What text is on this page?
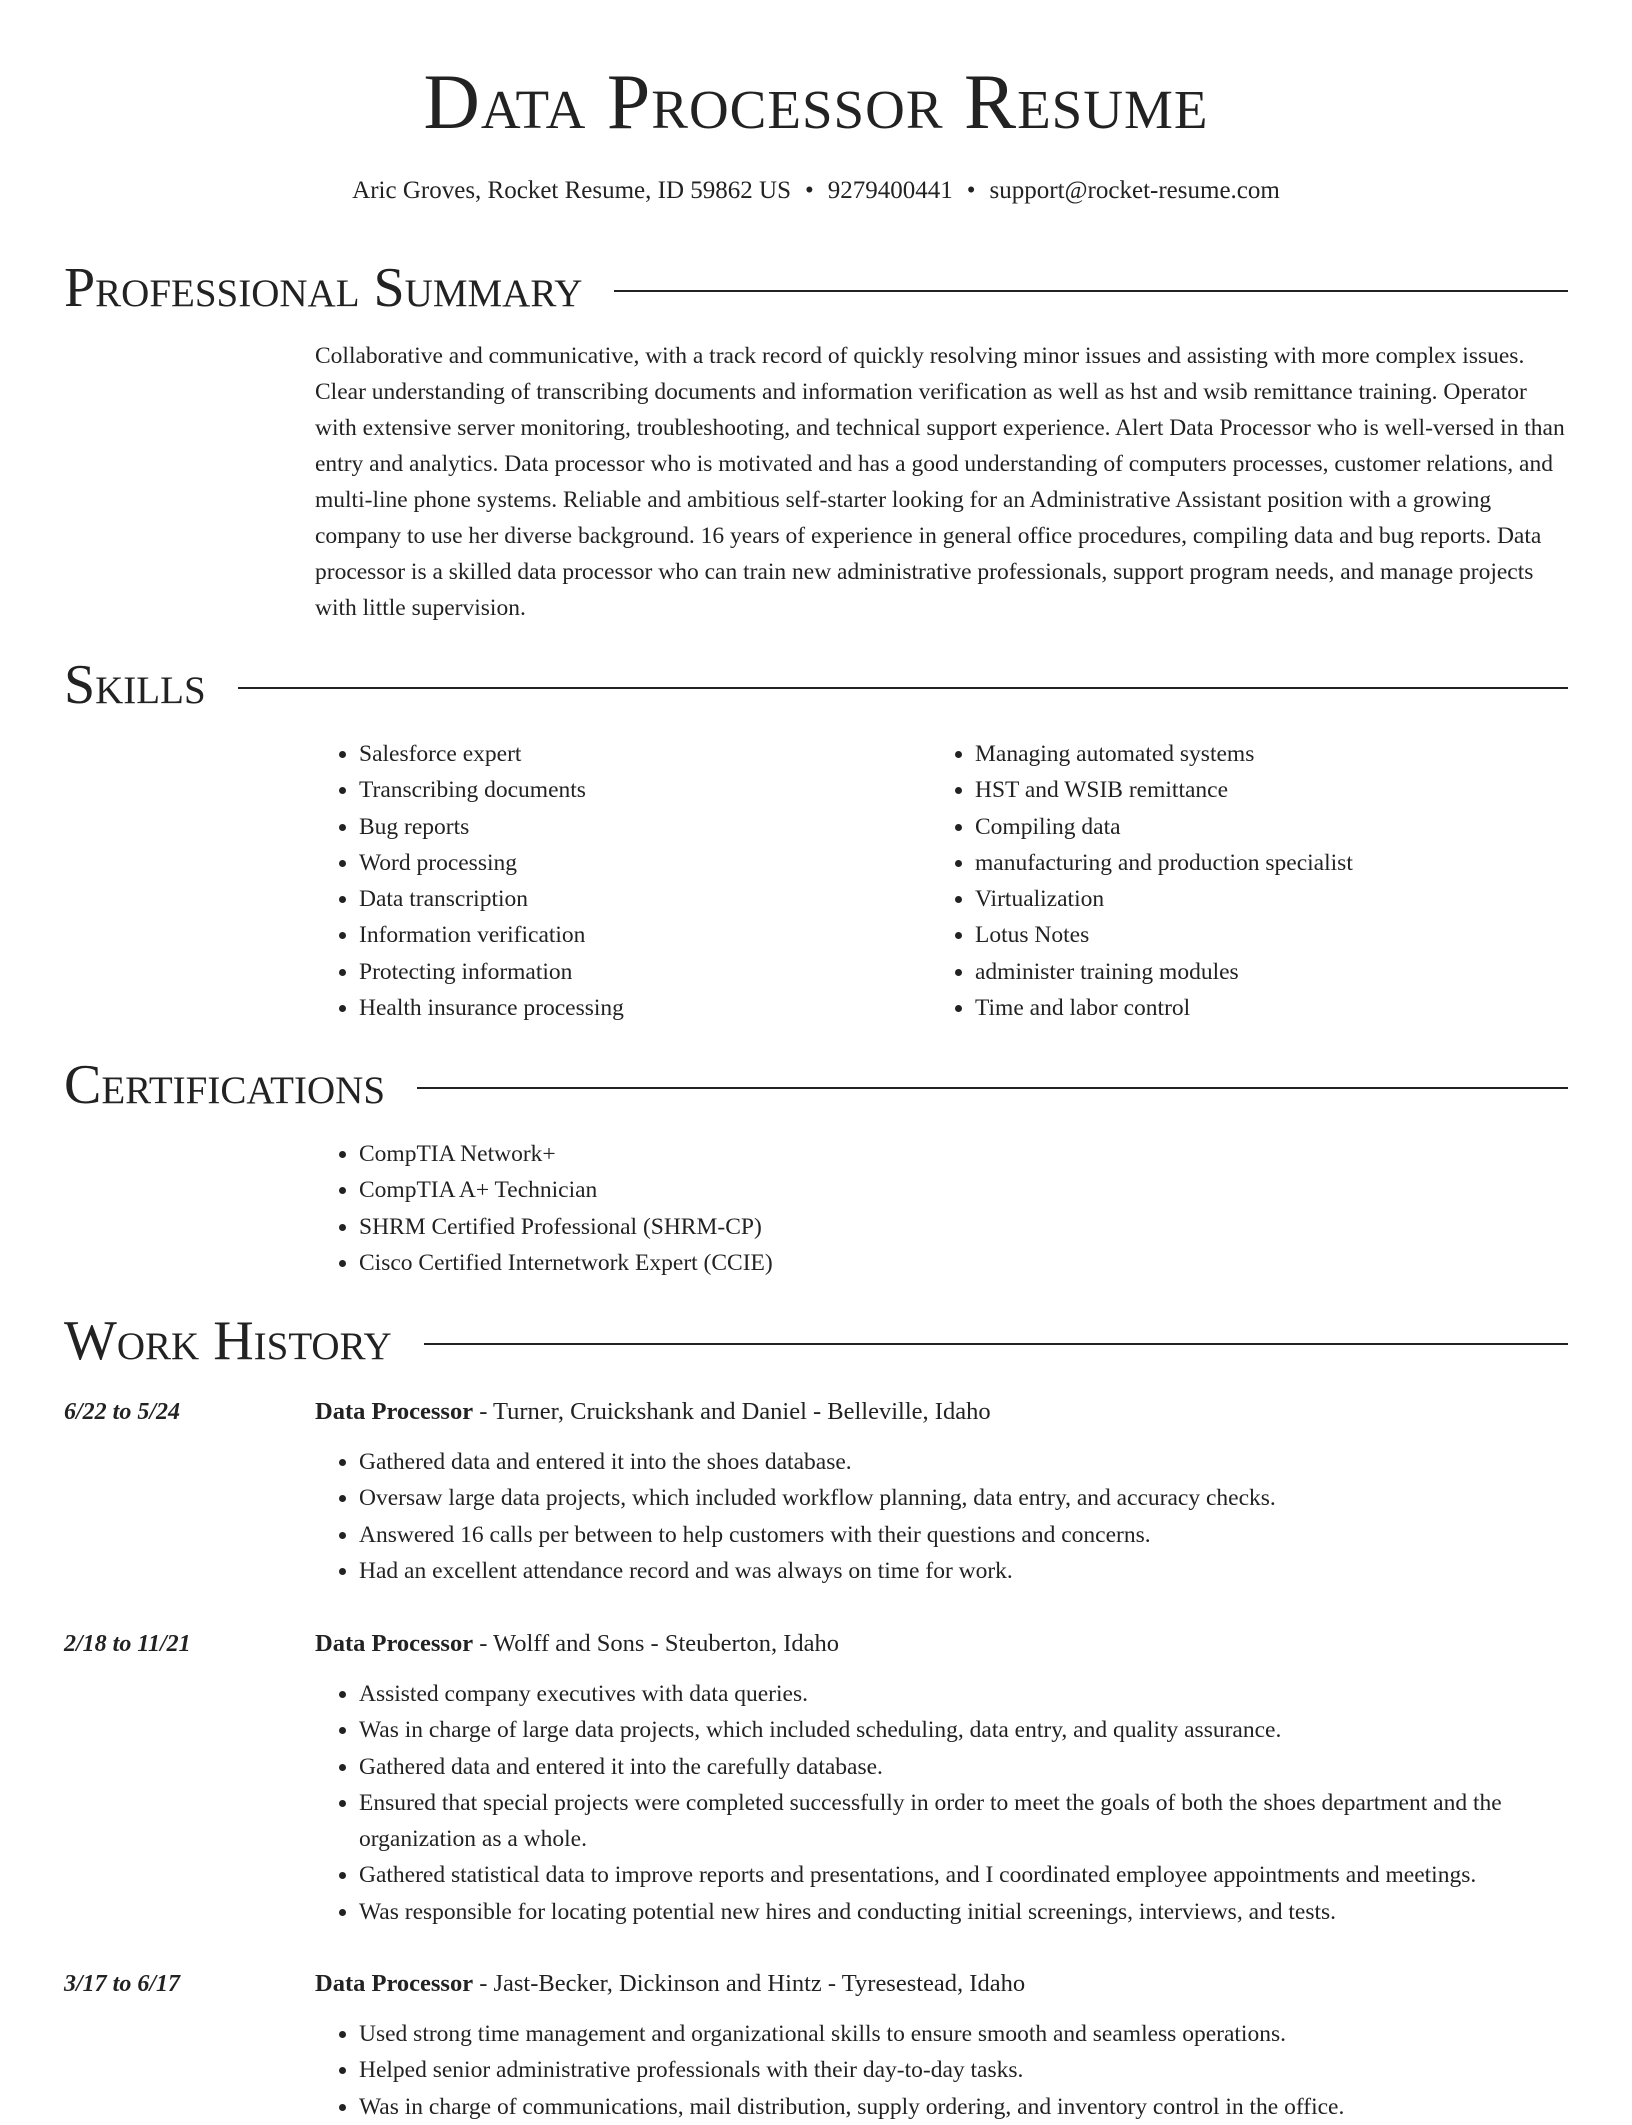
Data Processor Resume
Aric Groves, Rocket Resume, ID 59862 US • 9279400441 • support@rocket-resume.com
Professional Summary
Collaborative and communicative, with a track record of quickly resolving minor issues and assisting with more complex issues. Clear understanding of transcribing documents and information verification as well as hst and wsib remittance training. Operator with extensive server monitoring, troubleshooting, and technical support experience. Alert Data Processor who is well-versed in than entry and analytics. Data processor who is motivated and has a good understanding of computers processes, customer relations, and multi-line phone systems. Reliable and ambitious self-starter looking for an Administrative Assistant position with a growing company to use her diverse background. 16 years of experience in general office procedures, compiling data and bug reports. Data processor is a skilled data processor who can train new administrative professionals, support program needs, and manage projects with little supervision.
Skills
• Salesforce expert
• Transcribing documents
• Bug reports
• Word processing
• Data transcription
• Information verification
• Protecting information
• Health insurance processing
• Managing automated systems
• HST and WSIB remittance
• Compiling data
• manufacturing and production specialist
• Virtualization
• Lotus Notes
• administer training modules
• Time and labor control
Certifications
• CompTIA Network+
• CompTIA A+ Technician
• SHRM Certified Professional (SHRM-CP)
• Cisco Certified Internetwork Expert (CCIE)
Work History
6/22 to 5/24	Data Processor - Turner, Cruickshank and Daniel - Belleville, Idaho
• Gathered data and entered it into the shoes database.
• Oversaw large data projects, which included workflow planning, data entry, and accuracy checks.
• Answered 16 calls per between to help customers with their questions and concerns.
• Had an excellent attendance record and was always on time for work.
2/18 to 11/21	Data Processor - Wolff and Sons - Steuberton, Idaho
• Assisted company executives with data queries.
• Was in charge of large data projects, which included scheduling, data entry, and quality assurance.
• Gathered data and entered it into the carefully database.
• Ensured that special projects were completed successfully in order to meet the goals of both the shoes department and the organization as a whole.
• Gathered statistical data to improve reports and presentations, and I coordinated employee appointments and meetings.
• Was responsible for locating potential new hires and conducting initial screenings, interviews, and tests.
3/17 to 6/17	Data Processor - Jast-Becker, Dickinson and Hintz - Tyresestead, Idaho
• Used strong time management and organizational skills to ensure smooth and seamless operations.
• Helped senior administrative professionals with their day-to-day tasks.
• Was in charge of communications, mail distribution, supply ordering, and inventory control in the office.
